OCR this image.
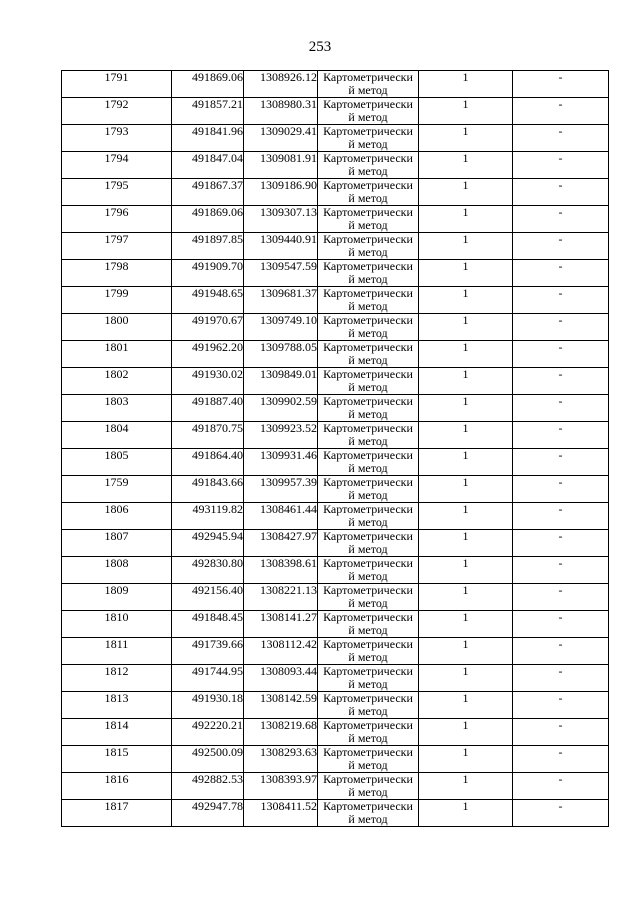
253
1791	491869.06	1308926.12	Картометрический метод	1	-
1792	491857.21	1308980.31	Картометрический метод	1	-
1793	491841.96	1309029.41	Картометрический метод	1	-
1794	491847.04	1309081.91	Картометрический метод	1	-
1795	491867.37	1309186.90	Картометрический метод	1	-
1796	491869.06	1309307.13	Картометрический метод	1	-
1797	491897.85	1309440.91	Картометрический метод	1	-
1798	491909.70	1309547.59	Картометрический метод	1	-
1799	491948.65	1309681.37	Картометрический метод	1	-
1800	491970.67	1309749.10	Картометрический метод	1	-
1801	491962.20	1309788.05	Картометрический метод	1	-
1802	491930.02	1309849.01	Картометрический метод	1	-
1803	491887.40	1309902.59	Картометрический метод	1	-
1804	491870.75	1309923.52	Картометрический метод	1	-
1805	491864.40	1309931.46	Картометрический метод	1	-
1759	491843.66	1309957.39	Картометрический метод	1	-
1806	493119.82	1308461.44	Картометрический метод	1	-
1807	492945.94	1308427.97	Картометрический метод	1	-
1808	492830.80	1308398.61	Картометрический метод	1	-
1809	492156.40	1308221.13	Картометрический метод	1	-
1810	491848.45	1308141.27	Картометрический метод	1	-
1811	491739.66	1308112.42	Картометрический метод	1	-
1812	491744.95	1308093.44	Картометрический метод	1	-
1813	491930.18	1308142.59	Картометрический метод	1	-
1814	492220.21	1308219.68	Картометрический метод	1	-
1815	492500.09	1308293.63	Картометрический метод	1	-
1816	492882.53	1308393.97	Картометрический метод	1	-
1817	492947.78	1308411.52	Картометрический метод	1	-
